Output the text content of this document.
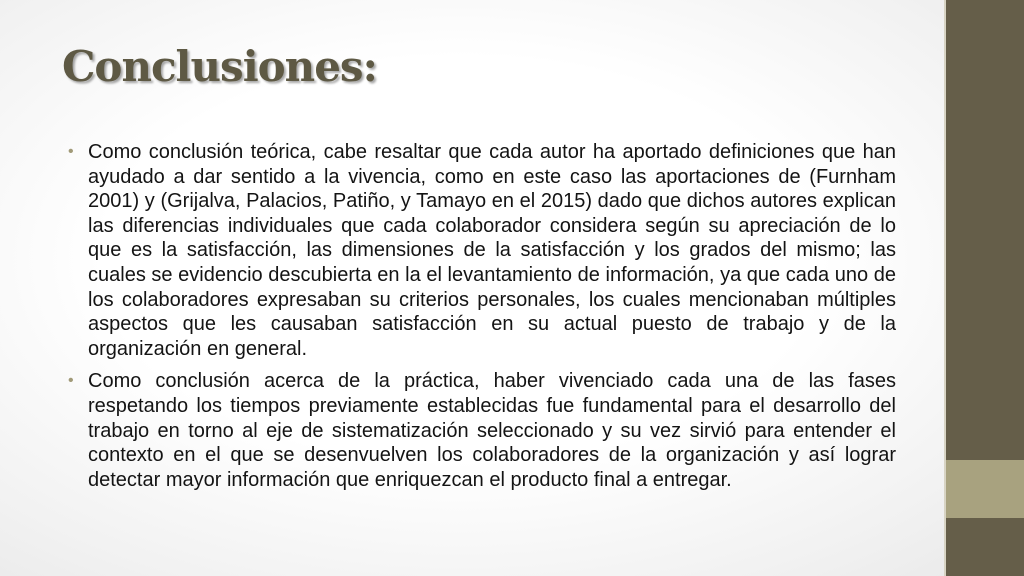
Conclusiones:
• Como conclusión teórica, cabe resaltar que cada autor ha aportado definiciones que han ayudado a dar sentido a la vivencia, como en este caso las aportaciones de (Furnham 2001) y (Grijalva, Palacios, Patiño, y Tamayo en el 2015) dado que dichos autores explican las diferencias individuales que cada colaborador considera según su apreciación de lo que es la satisfacción, las dimensiones de la satisfacción y los grados del mismo; las cuales se evidencio descubierta en la el levantamiento de información, ya que cada uno de los colaboradores expresaban su criterios personales, los cuales mencionaban múltiples aspectos que les causaban satisfacción en su actual puesto de trabajo y de la organización en general.
• Como conclusión acerca de la práctica, haber vivenciado cada una de las fases respetando los tiempos previamente establecidas fue fundamental para el desarrollo del trabajo en torno al eje de sistematización seleccionado y su vez sirvió para entender el contexto en el que se desenvuelven los colaboradores de la organización y así lograr detectar mayor información que enriquezcan el producto final a entregar.
